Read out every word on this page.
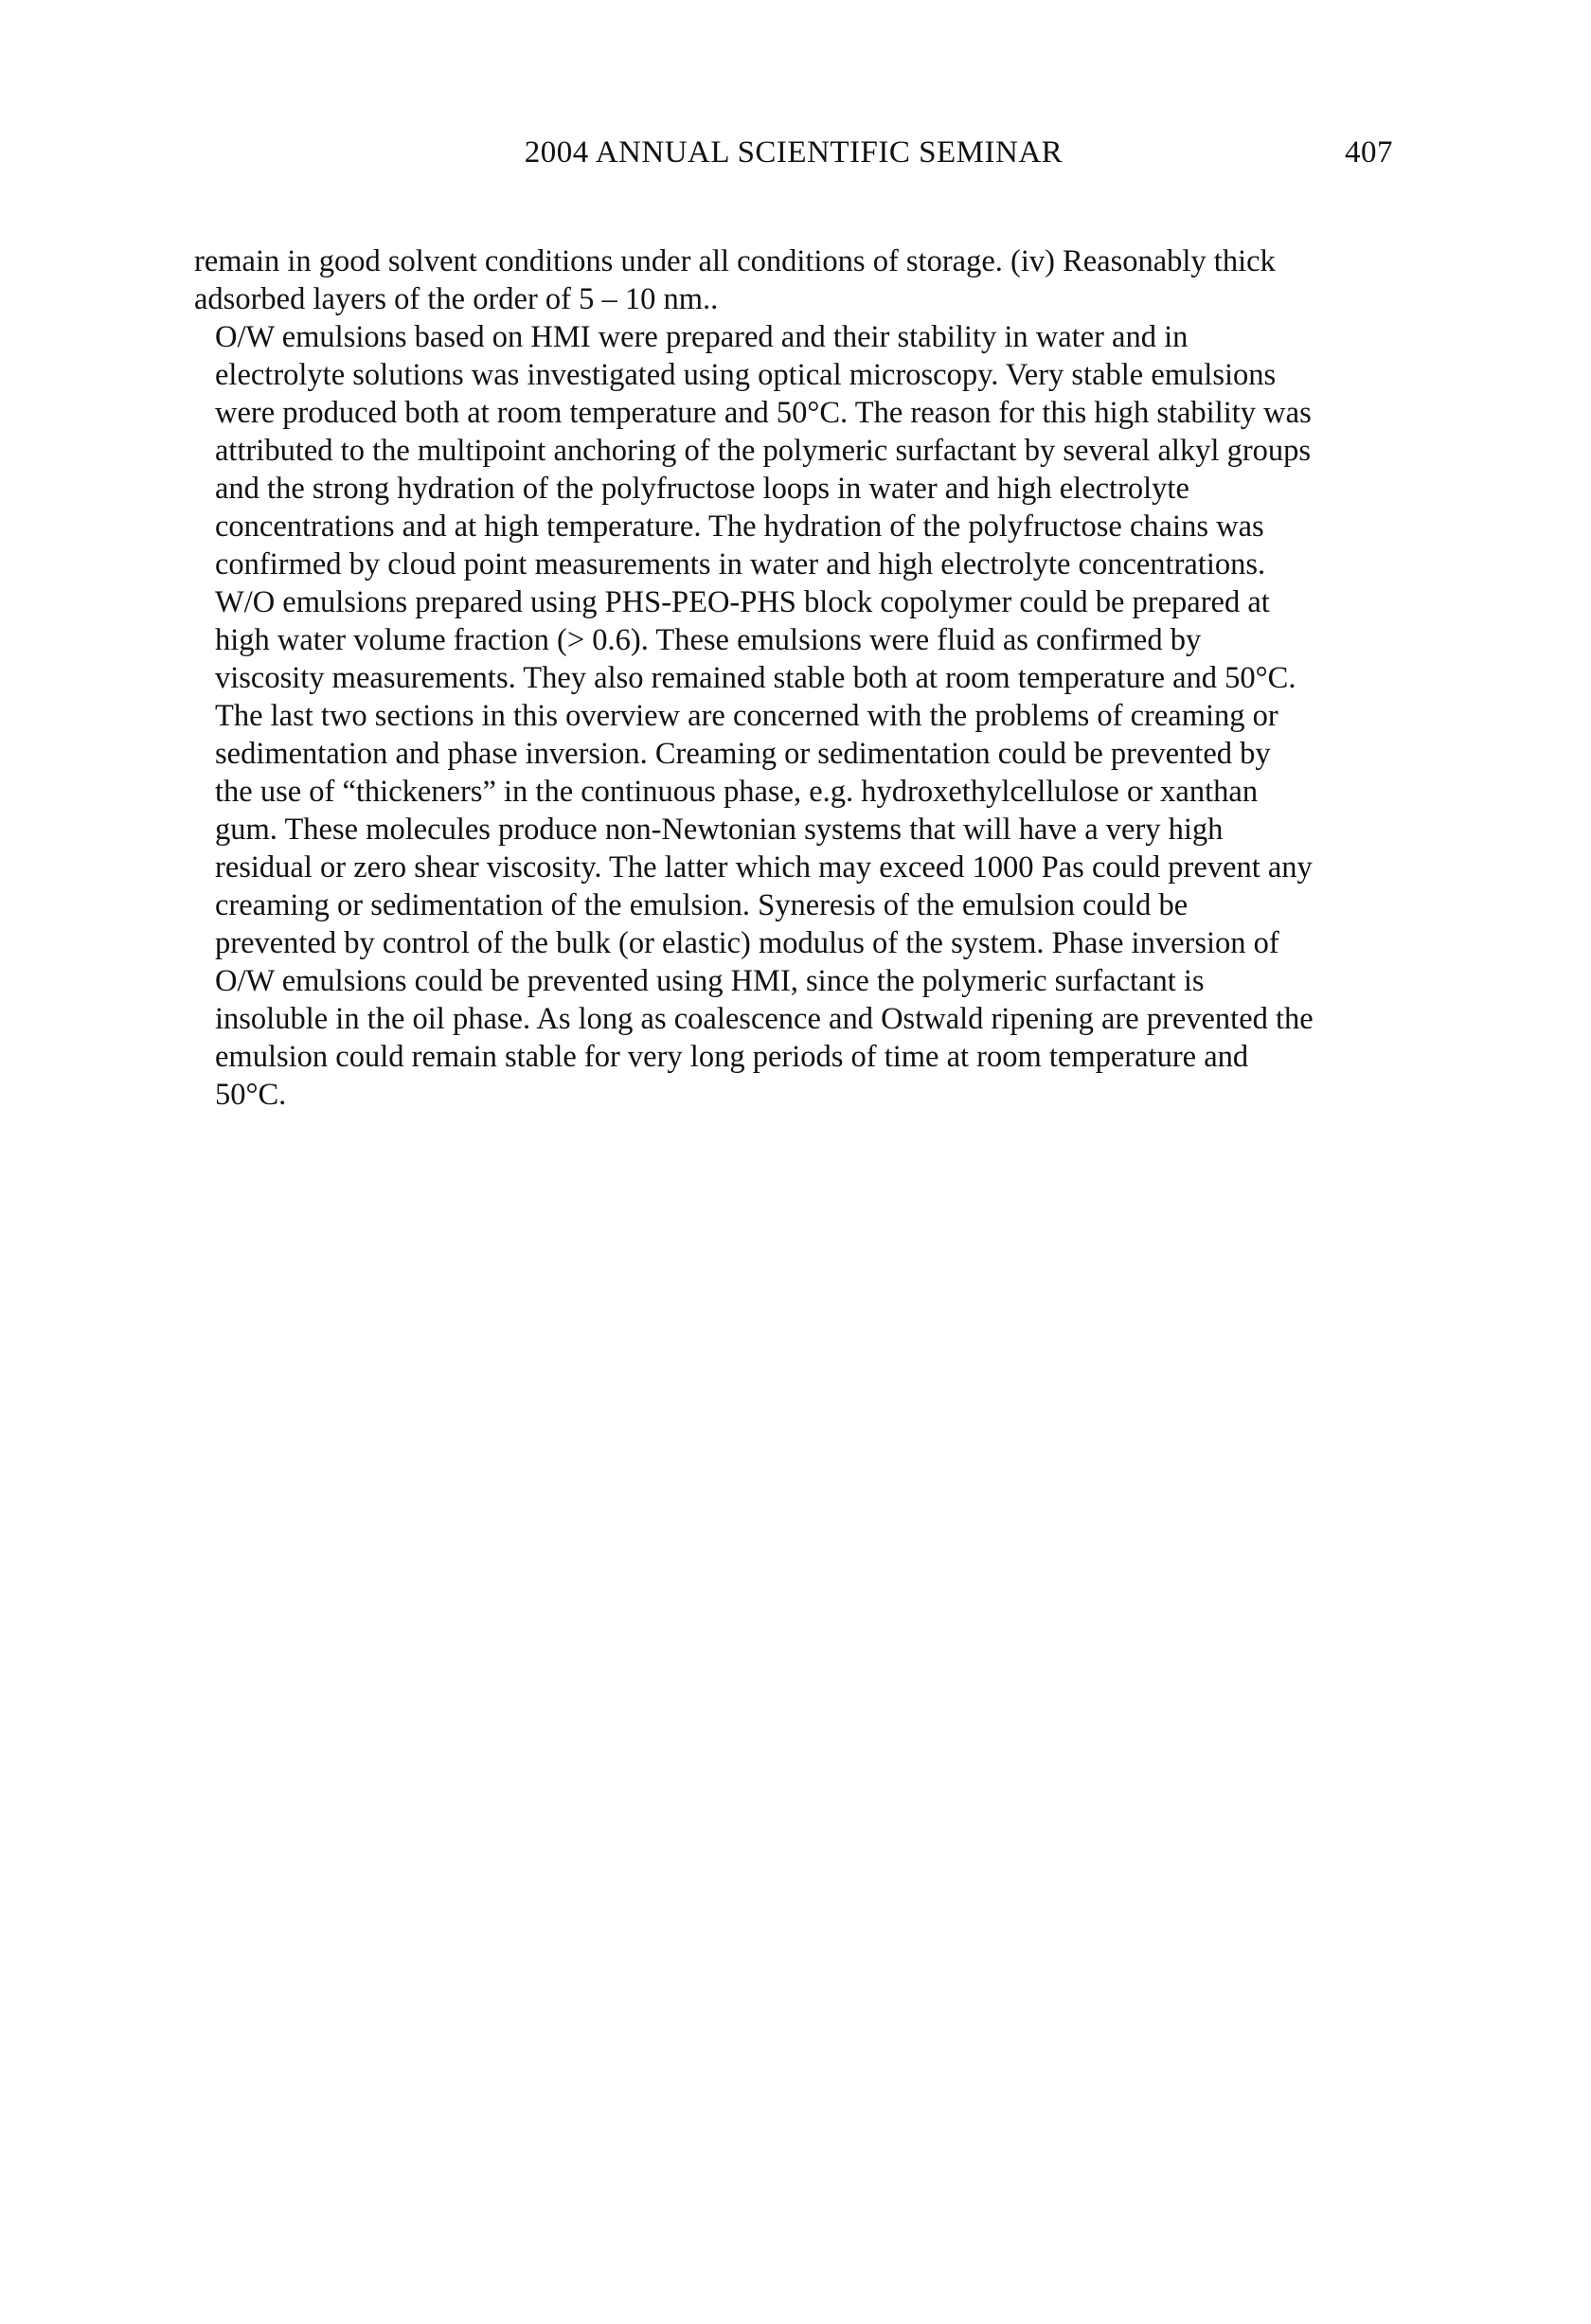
2004 ANNUAL SCIENTIFIC SEMINAR	407

remain in good solvent conditions under all conditions of storage. (iv) Reasonably thick
adsorbed layers of the order of 5 – 10 nm..

O/W emulsions based on HMI were prepared and their stability in water and in
electrolyte solutions was investigated using optical microscopy. Very stable emulsions
were produced both at room temperature and 50°C. The reason for this high stability was
attributed to the multipoint anchoring of the polymeric surfactant by several alkyl groups
and the strong hydration of the polyfructose loops in water and high electrolyte
concentrations and at high temperature. The hydration of the polyfructose chains was
confirmed by cloud point measurements in water and high electrolyte concentrations.

W/O emulsions prepared using PHS-PEO-PHS block copolymer could be prepared at
high water volume fraction (> 0.6). These emulsions were fluid as confirmed by
viscosity measurements. They also remained stable both at room temperature and 50°C.

The last two sections in this overview are concerned with the problems of creaming or
sedimentation and phase inversion. Creaming or sedimentation could be prevented by
the use of “thickeners” in the continuous phase, e.g. hydroxethylcellulose or xanthan
gum. These molecules produce non-Newtonian systems that will have a very high
residual or zero shear viscosity. The latter which may exceed 1000 Pas could prevent any
creaming or sedimentation of the emulsion. Syneresis of the emulsion could be
prevented by control of the bulk (or elastic) modulus of the system. Phase inversion of
O/W emulsions could be prevented using HMI, since the polymeric surfactant is
insoluble in the oil phase. As long as coalescence and Ostwald ripening are prevented the
emulsion could remain stable for very long periods of time at room temperature and
50°C.
